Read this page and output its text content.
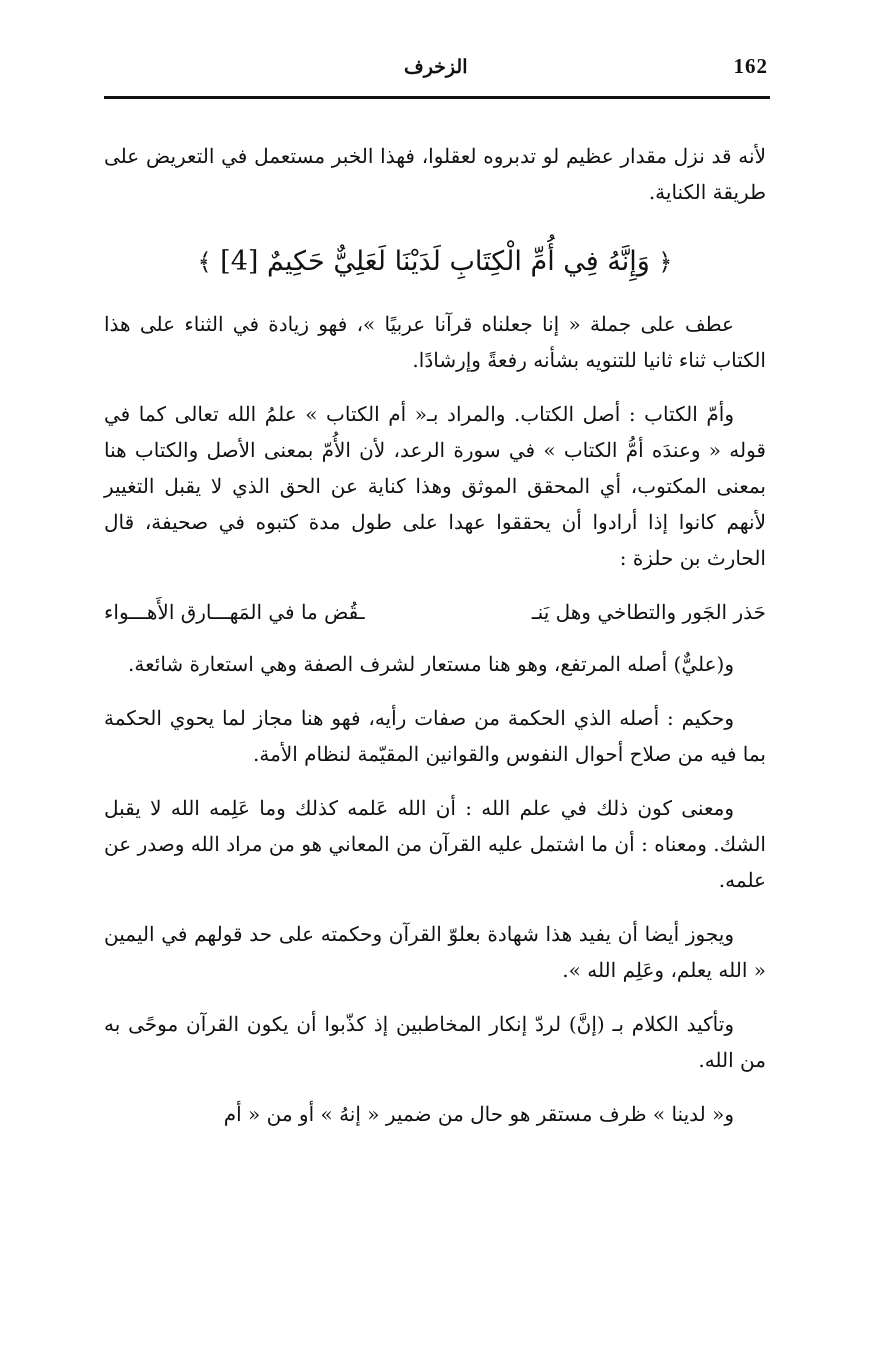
162
الزخرف

لأنه قد نزل مقدار عظيم لو تدبروه لعقلوا، فهذا الخبر مستعمل في التعريض على طريقة الكناية.

﴿ وَإِنَّهُ فِي أُمِّ الْكِتَابِ لَدَيْنَا لَعَلِيٌّ حَكِيمٌ [4] ﴾

عطف على جملة « إنا جعلناه قرآنا عربيًا »، فهو زيادة في الثناء على هذا الكتاب ثناء ثانيا للتنويه بشأنه رفعةً وإرشادًا.

وأمّ الكتاب : أصل الكتاب. والمراد بـ« أم الكتاب » علمُ الله تعالى كما في قوله « وعندَه أمُّ الكتاب » في سورة الرعد، لأن الأُمّ بمعنى الأصل والكتاب هنا بمعنى المكتوب، أي المحقق الموثق وهذا كناية عن الحق الذي لا يقبل التغيير لأنهم كانوا إذا أرادوا أن يحققوا عهدا على طول مدة كتبوه في صحيفة، قال الحارث بن حلزة :

حَذر الجَور والتطاخي وهل يَنـ
ـقُض ما في المَهـــارق الأَهـــواء

و(عليٌّ) أصله المرتفع، وهو هنا مستعار لشرف الصفة وهي استعارة شائعة.

وحكيم : أصله الذي الحكمة من صفات رأيه، فهو هنا مجاز لما يحوي الحكمة بما فيه من صلاح أحوال النفوس والقوانين المقيّمة لنظام الأمة.

ومعنى كون ذلك في علم الله : أن الله عَلمه كذلك وما عَلِمه الله لا يقبل الشك. ومعناه : أن ما اشتمل عليه القرآن من المعاني هو من مراد الله وصدر عن علمه.

ويجوز أيضا أن يفيد هذا شهادة بعلوّ القرآن وحكمته على حد قولهم في اليمين « الله يعلم، وعَلِم الله ».

وتأكيد الكلام بـ (إنَّ) لردّ إنكار المخاطبين إذ كذّبوا أن يكون القرآن موحًى به من الله.

و« لدينا » ظرف مستقر هو حال من ضمير « إنهُ » أو من « أم
